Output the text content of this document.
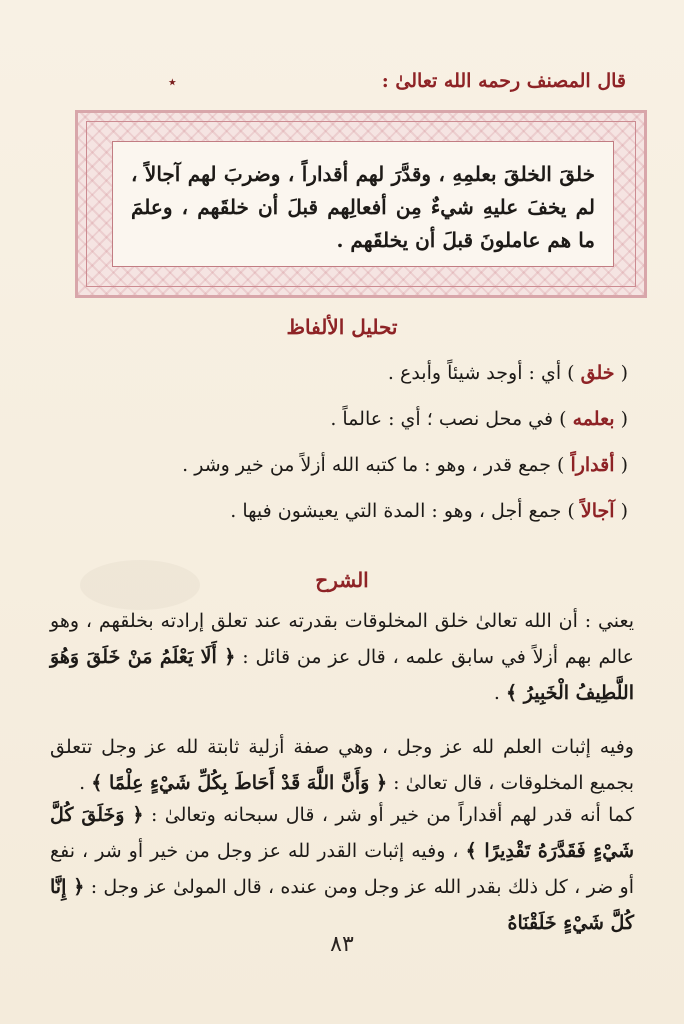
٭	قال المصنف رحمه الله تعالىٰ :

خلقَ الخلقَ بعلمِهِ ، وقدَّرَ لهم أقداراً ، وضربَ لهم آجالاً ، لم يخفَ عليهِ شيءٌ مِن أفعالِهم قبلَ أن خلقَهم ، وعلمَ ما هم عاملونَ قبلَ أن يخلقَهم .

تحليل الألفاظ
( خلق ) أي : أوجد شيئاً وأبدع .
( بعلمه ) في محل نصب ؛ أي : عالماً .
( أقداراً ) جمع قدر ، وهو : ما كتبه الله أزلاً من خير وشر .
( آجالاً ) جمع أجل ، وهو : المدة التي يعيشون فيها .
الشرح
يعني : أن الله تعالىٰ خلق المخلوقات بقدرته عند تعلق إرادته بخلقهم ، وهو عالم بهم أزلاً في سابق علمه ، قال عز من قائل : ﴿ أَلَا يَعْلَمُ مَنْ خَلَقَ وَهُوَ اللَّطِيفُ الْخَبِيرُ ﴾ .
وفيه إثبات العلم لله عز وجل ، وهي صفة أزلية ثابتة لله عز وجل تتعلق بجميع المخلوقات ، قال تعالىٰ : ﴿ وَأَنَّ اللَّهَ قَدْ أَحَاطَ بِكُلِّ شَيْءٍ عِلْمًا ﴾ .
كما أنه قدر لهم أقداراً من خير أو شر ، قال سبحانه وتعالىٰ : ﴿ وَخَلَقَ كُلَّ شَيْءٍ فَقَدَّرَهُ تَقْدِيرًا ﴾ ، وفيه إثبات القدر لله عز وجل من خير أو شر ، نفع أو ضر ، كل ذلك بقدر الله عز وجل ومن عنده ، قال المولىٰ عز وجل : ﴿ إِنَّا كُلَّ شَيْءٍ خَلَقْنَاهُ
٨٣
